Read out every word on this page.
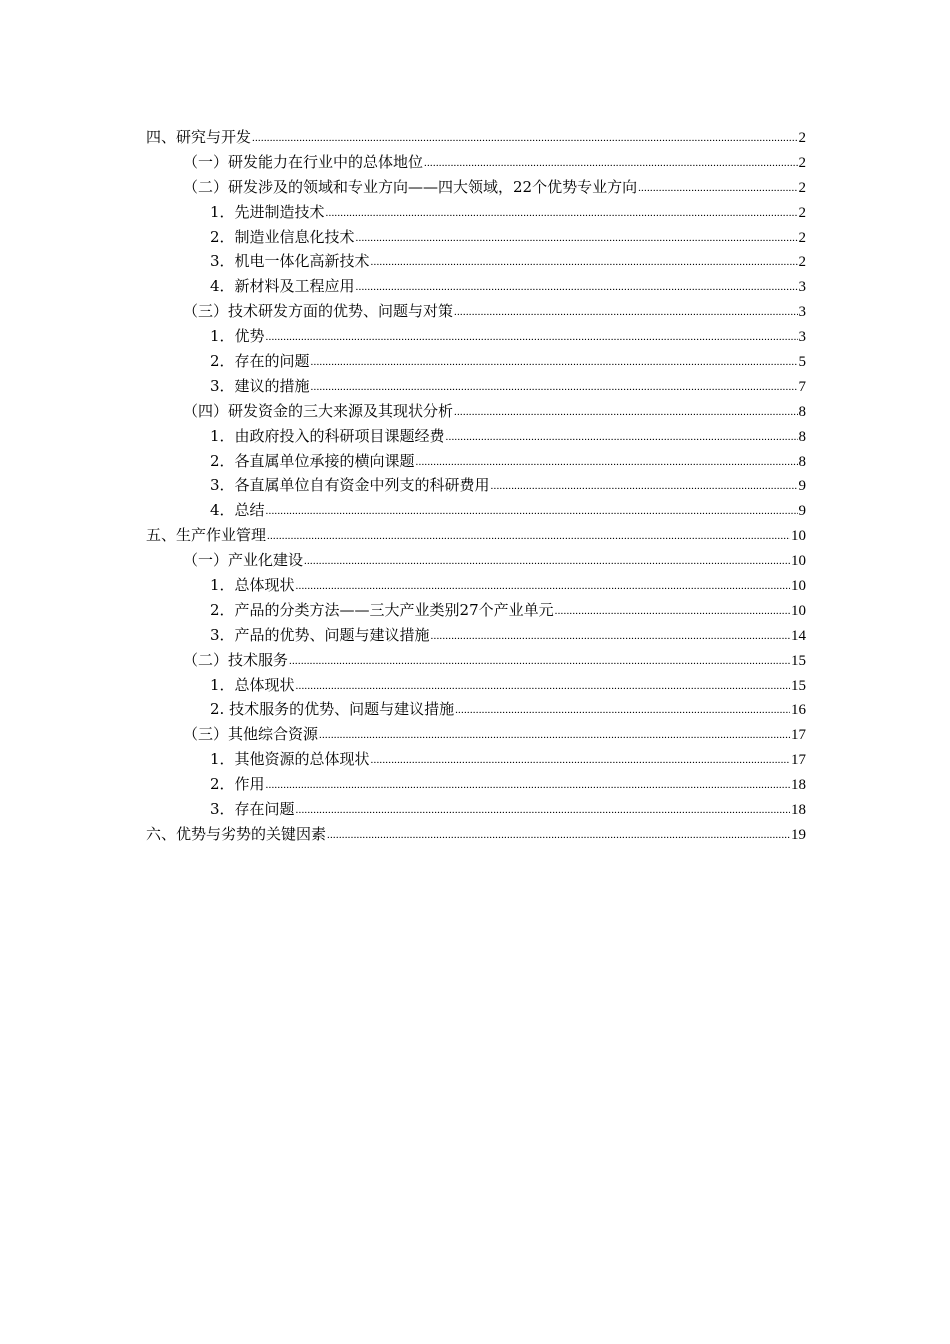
四、研究与开发 .....	2
（一）研发能力在行业中的总体地位 .....	2
（二）研发涉及的领域和专业方向——四大领域，22个优势专业方向 .....	2
1．先进制造技术 .....	2
2．制造业信息化技术 .....	2
3．机电一体化高新技术 .....	2
4．新材料及工程应用 .....	3
（三）技术研发方面的优势、问题与对策 .....	3
1．优势 .....	3
2．存在的问题 .....	5
3．建议的措施 .....	7
（四）研发资金的三大来源及其现状分析 .....	8
1．由政府投入的科研项目课题经费 .....	8
2．各直属单位承接的横向课题 .....	8
3．各直属单位自有资金中列支的科研费用 .....	9
4．总结 .....	9
五、生产作业管理 .....	10
（一）产业化建设 .....	10
1．总体现状 .....	10
2．产品的分类方法——三大产业类别27个产业单元 .....	10
3．产品的优势、问题与建议措施 .....	14
（二）技术服务 .....	15
1．总体现状 .....	15
2. 技术服务的优势、问题与建议措施 .....	16
（三）其他综合资源 .....	17
1．其他资源的总体现状 .....	17
2．作用 .....	18
3．存在问题 .....	18
六、优势与劣势的关键因素 .....	19
